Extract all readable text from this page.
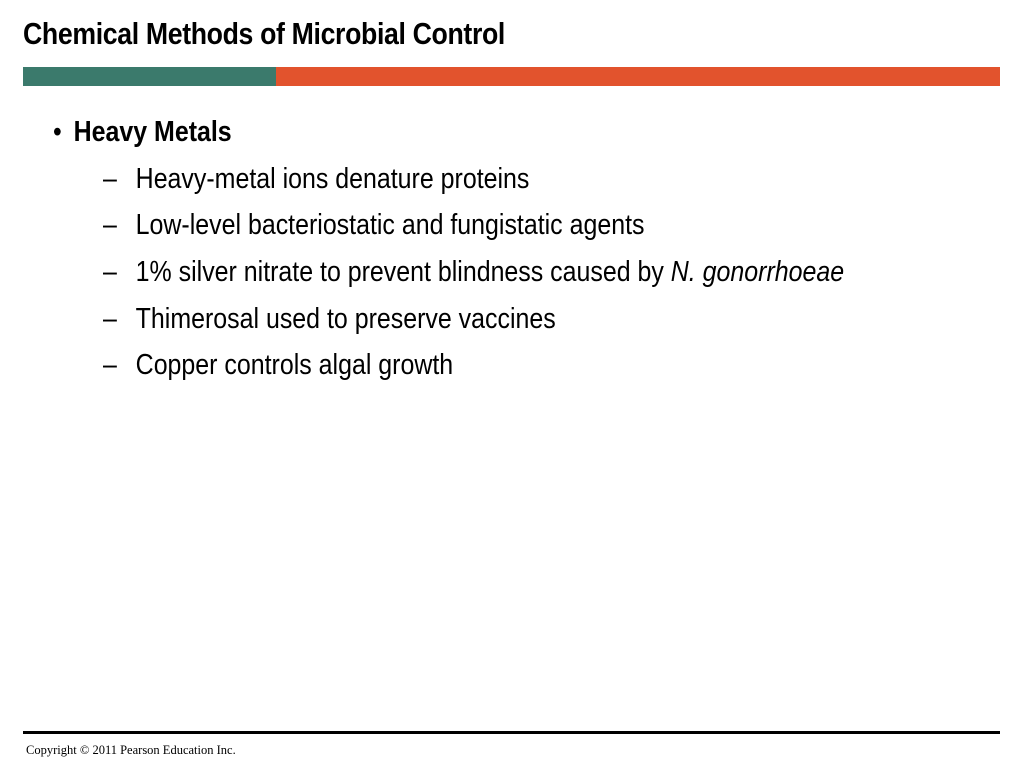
Chemical Methods of Microbial Control
• Heavy Metals
– Heavy-metal ions denature proteins
– Low-level bacteriostatic and fungistatic agents
– 1% silver nitrate to prevent blindness caused by N. gonorrhoeae
– Thimerosal used to preserve vaccines
– Copper controls algal growth
Copyright © 2011 Pearson Education Inc.
